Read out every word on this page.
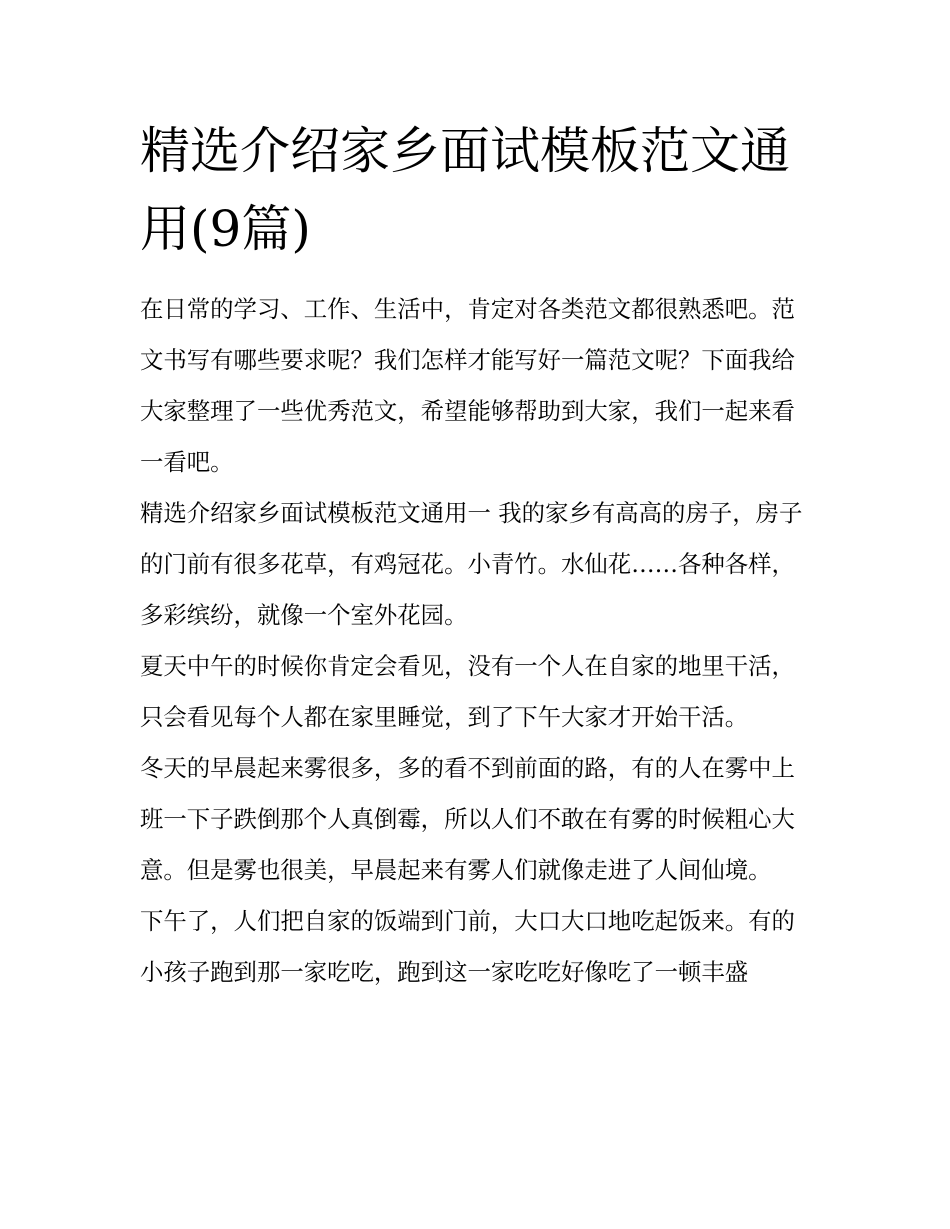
精选介绍家乡面试模板范文通用(9篇)

在日常的学习、工作、生活中，肯定对各类范文都很熟悉吧。范文书写有哪些要求呢？我们怎样才能写好一篇范文呢？下面我给大家整理了一些优秀范文，希望能够帮助到大家，我们一起来看一看吧。

精选介绍家乡面试模板范文通用一 我的家乡有高高的房子，房子的门前有很多花草，有鸡冠花。小青竹。水仙花……各种各样，多彩缤纷，就像一个室外花园。

夏天中午的时候你肯定会看见，没有一个人在自家的地里干活，只会看见每个人都在家里睡觉，到了下午大家才开始干活。

冬天的早晨起来雾很多，多的看不到前面的路，有的人在雾中上班一下子跌倒那个人真倒霉，所以人们不敢在有雾的时候粗心大意。但是雾也很美，早晨起来有雾人们就像走进了人间仙境。

下午了，人们把自家的饭端到门前，大口大口地吃起饭来。有的小孩子跑到那一家吃吃，跑到这一家吃吃好像吃了一顿丰盛
